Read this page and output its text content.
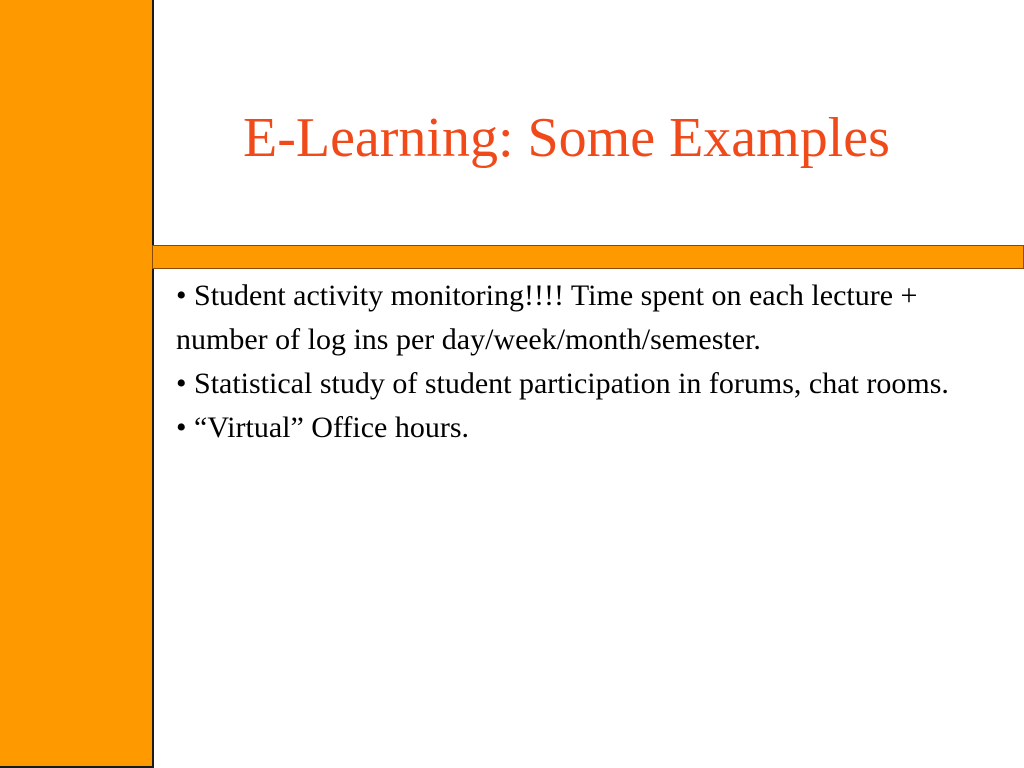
E-Learning: Some Examples

• Student activity monitoring!!!! Time spent on each lecture + number of log ins per day/week/month/semester.

• Statistical study of student participation in forums, chat rooms.

• “Virtual” Office hours.
